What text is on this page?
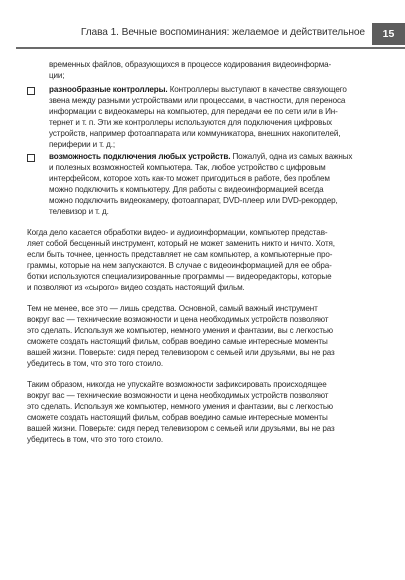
Глава 1. Вечные воспоминания: желаемое и действительное	15
временных файлов, образующихся в процессе кодирования видеоинформа-
ции;
разнообразные контроллеры. Контроллеры выступают в качестве связующего
звена между разными устройствами или процессами, в частности, для переноса
информации с видеокамеры на компьютер, для передачи ее по сети или в Ин-
тернет и т. п. Эти же контроллеры используются для подключения цифровых
устройств, например фотоаппарата или коммуникатора, внешних накопителей,
периферии и т. д.;
возможность подключения любых устройств. Пожалуй, одна из самых важных
и полезных возможностей компьютера. Так, любое устройство с цифровым
интерфейсом, которое хоть как-то может пригодиться в работе, без проблем
можно подключить к компьютеру. Для работы с видеоинформацией всегда
можно подключить видеокамеру, фотоаппарат, DVD-плеер или DVD-рекордер,
телевизор и т. д.
Когда дело касается обработки видео- и аудиоинформации, компьютер представ-
ляет собой бесценный инструмент, который не может заменить никто и ничто. Хотя,
если быть точнее, ценность представляет не сам компьютер, а компьютерные про-
граммы, которые на нем запускаются. В случае с видеоинформацией для ее обра-
ботки используются специализированные программы — видеоредакторы, которые
и позволяют из «сырого» видео создать настоящий фильм.
Тем не менее, все это — лишь средства. Основной, самый важный инструмент
вокруг вас — технические возможности и цена необходимых устройств позволяют
это сделать. Используя же компьютер, немного умения и фантазии, вы с легкостью
сможете создать настоящий фильм, собрав воедино самые интересные моменты
вашей жизни. Поверьте: сидя перед телевизором с семьей или друзьями, вы не раз
убедитесь в том, что это того стоило.
Таким образом, никогда не упускайте возможности зафиксировать происходящее
вокруг вас — технические возможности и цена необходимых устройств позволяют
это сделать. Используя же компьютер, немного умения и фантазии, вы с легкостью
сможете создать настоящий фильм, собрав воедино самые интересные моменты
вашей жизни. Поверьте: сидя перед телевизором с семьей или друзьями, вы не раз
убедитесь в том, что это того стоило.
